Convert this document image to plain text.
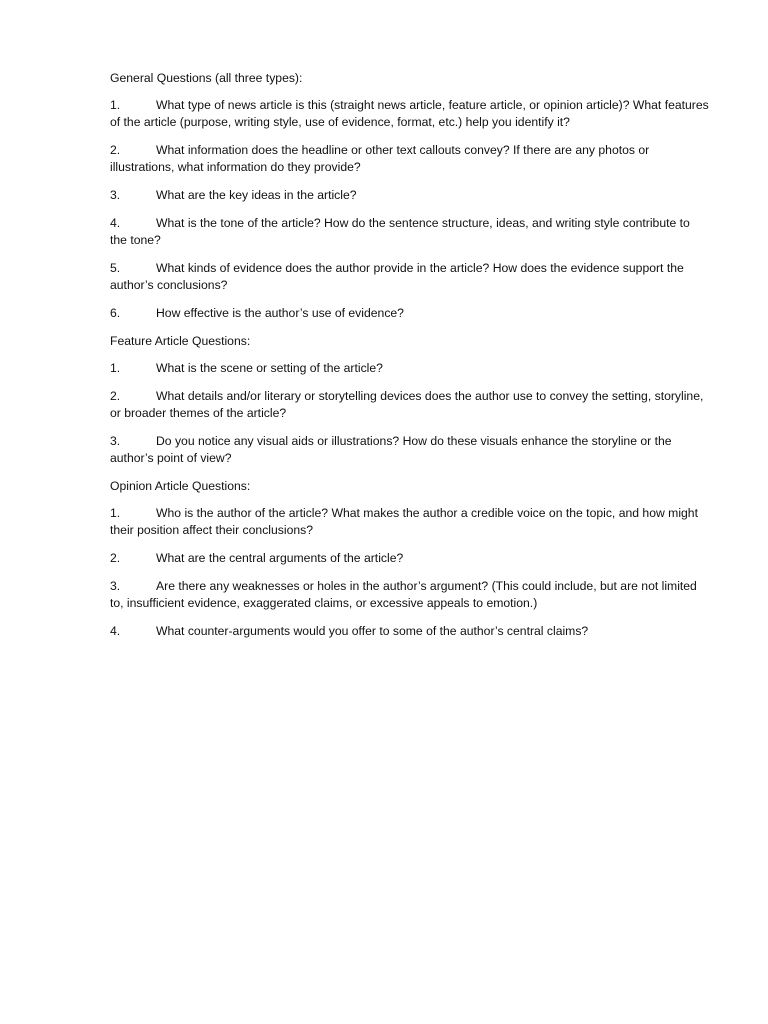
General Questions (all three types):

1.	What type of news article is this (straight news article, feature article, or opinion article)? What features of the article (purpose, writing style, use of evidence, format, etc.) help you identify it?

2.	What information does the headline or other text callouts convey? If there are any photos or illustrations, what information do they provide?

3.	What are the key ideas in the article?

4.	What is the tone of the article? How do the sentence structure, ideas, and writing style contribute to the tone?

5.	What kinds of evidence does the author provide in the article? How does the evidence support the author’s conclusions?

6.	How effective is the author’s use of evidence?

Feature Article Questions:

1.	What is the scene or setting of the article?

2.	What details and/or literary or storytelling devices does the author use to convey the setting, storyline, or broader themes of the article?

3.	Do you notice any visual aids or illustrations? How do these visuals enhance the storyline or the author’s point of view?

Opinion Article Questions:

1.	Who is the author of the article? What makes the author a credible voice on the topic, and how might their position affect their conclusions?

2.	What are the central arguments of the article?

3.	Are there any weaknesses or holes in the author’s argument? (This could include, but are not limited to, insufficient evidence, exaggerated claims, or excessive appeals to emotion.)

4.	What counter-arguments would you offer to some of the author’s central claims?
